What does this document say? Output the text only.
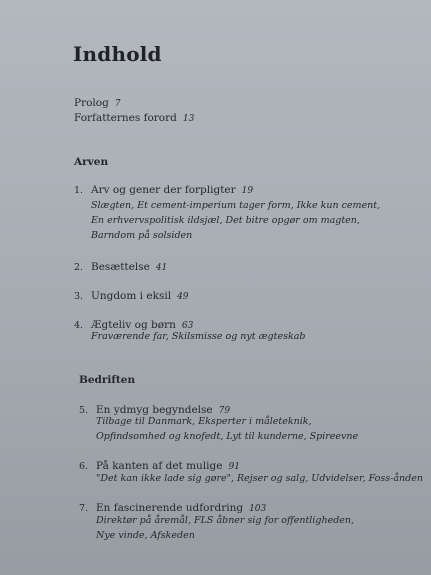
Indhold
Prolog 7
Forfatternes forord 13
Arven
1. Arv og gener der forpligter 19
Slægten, Et cement-imperium tager form, Ikke kun cement,
En erhvervspolitisk ildsjæl, Det bitre opgør om magten,
Barndom på solsiden
2. Besættelse 41
3. Ungdom i eksil 49
4. Ægteliv og børn 63
Fraværende far, Skilsmisse og nyt ægteskab
Bedriften
5. En ydmyg begyndelse 79
Tilbage til Danmark, Eksperter i måleteknik,
Opfindsomhed og knofedt, Lyt til kunderne, Spireevne
6. På kanten af det mulige 91
"Det kan ikke lade sig gøre", Rejser og salg, Udvidelser, Foss-ånden
7. En fascinerende udfordring 103
Direktør på åremål, FLS åbner sig for offentligheden,
Nye vinde, Afskeden
